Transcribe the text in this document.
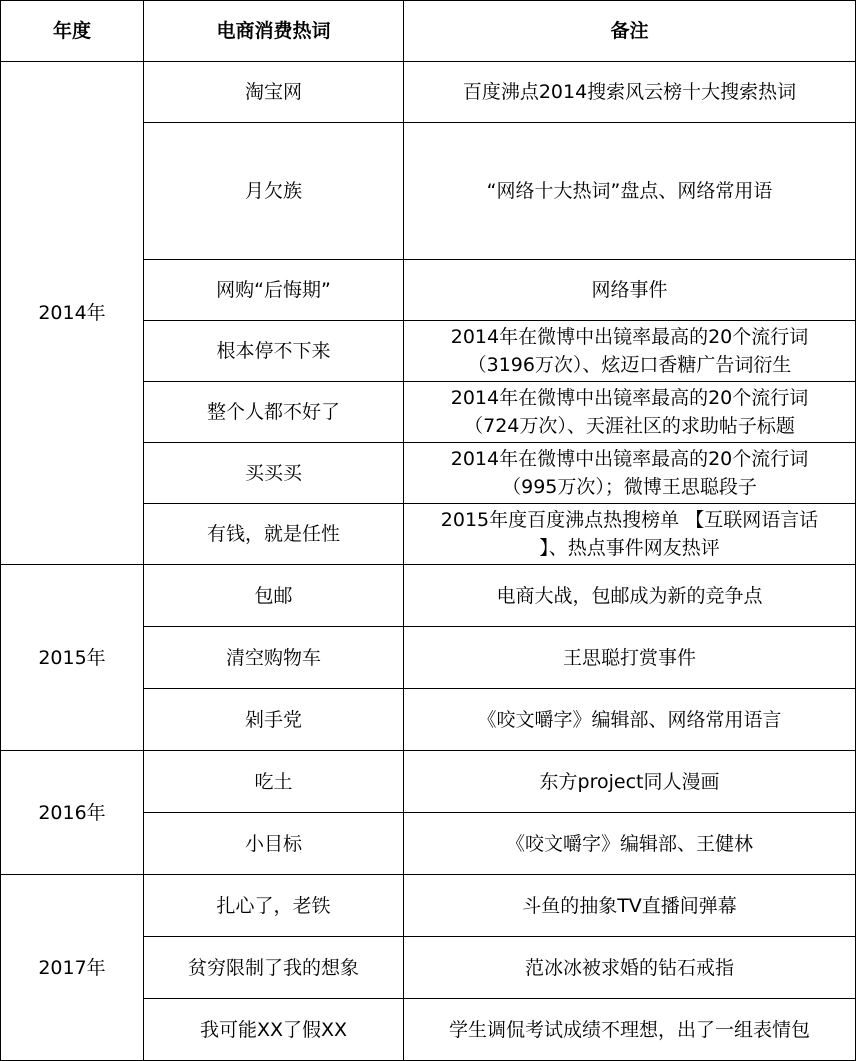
年度	电商消费热词	备注
2014年	淘宝网	百度沸点2014搜索风云榜十大搜索热词

	月欠族	“网络十大热词”盘点、网络常用语

	网购“后悔期”	网络事件

	根本停不下来	2014年在微博中出镜率最高的20个流行词
（3196万次）、炫迈口香糖广告词衍生

	整个人都不好了	2014年在微博中出镜率最高的20个流行词
（724万次）、天涯社区的求助帖子标题

	买买买	2014年在微博中出镜率最高的20个流行词
（995万次）；微博王思聪段子

	有钱，就是任性	2015年度百度沸点热搜榜单 【互联网语言话
】、热点事件网友热评

2015年	包邮	电商大战，包邮成为新的竞争点

	清空购物车	王思聪打赏事件

	剁手党	《咬文嚼字》编辑部、网络常用语言

2016年	吃土	东方project同人漫画

	小目标	《咬文嚼字》编辑部、王健林

2017年	扎心了，老铁	斗鱼的抽象TV直播间弹幕

	贫穷限制了我的想象	范冰冰被求婚的钻石戒指

	我可能XX了假XX	学生调侃考试成绩不理想，出了一组表情包
